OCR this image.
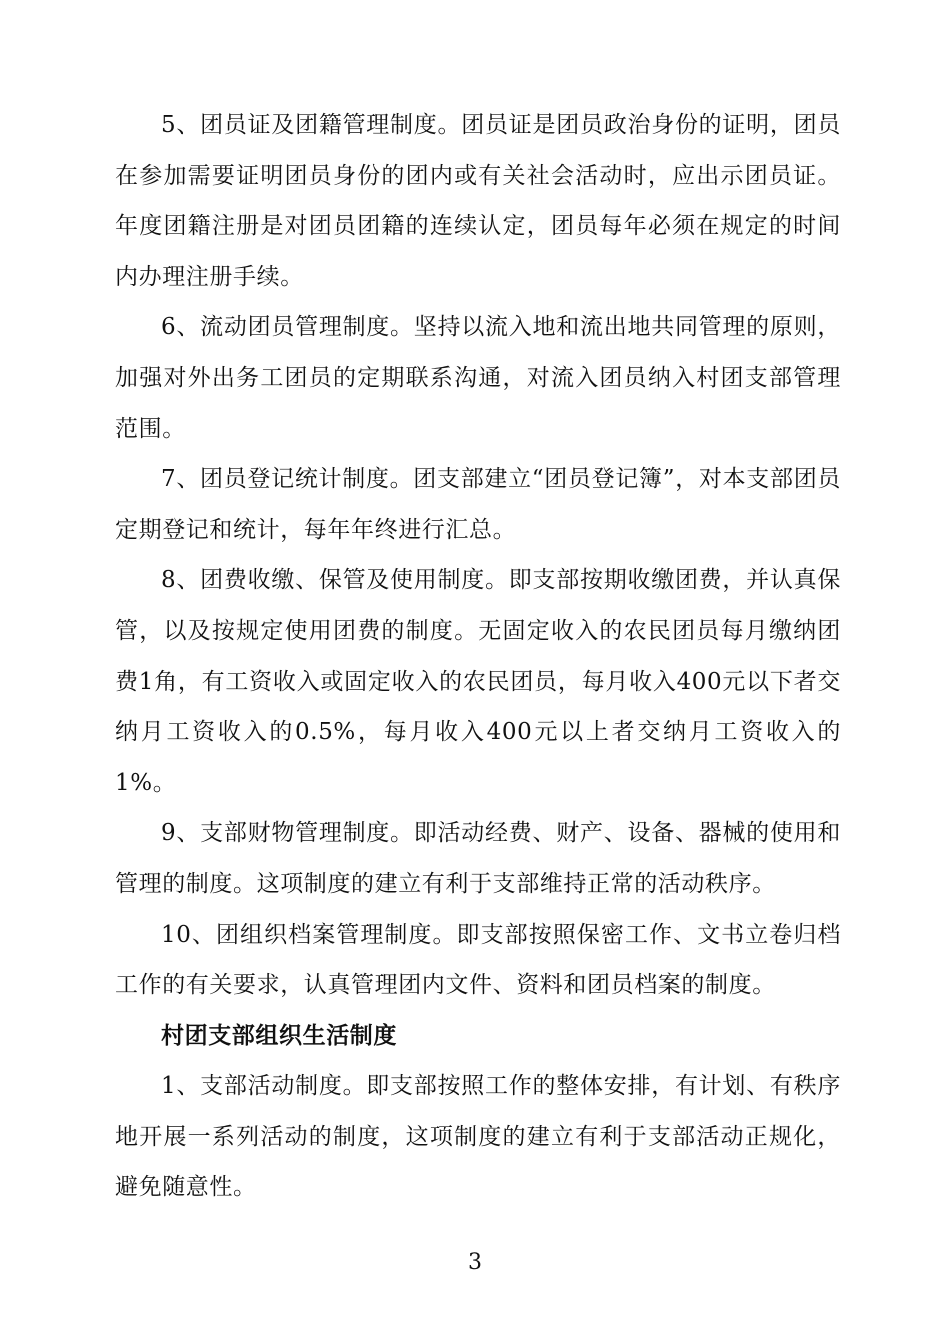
5、团员证及团籍管理制度。团员证是团员政治身份的证明，团员在参加需要证明团员身份的团内或有关社会活动时，应出示团员证。年度团籍注册是对团员团籍的连续认定，团员每年必须在规定的时间内办理注册手续。

6、流动团员管理制度。坚持以流入地和流出地共同管理的原则，加强对外出务工团员的定期联系沟通，对流入团员纳入村团支部管理范围。

7、团员登记统计制度。团支部建立“团员登记簿”，对本支部团员定期登记和统计，每年年终进行汇总。

8、团费收缴、保管及使用制度。即支部按期收缴团费，并认真保管，以及按规定使用团费的制度。无固定收入的农民团员每月缴纳团费1角，有工资收入或固定收入的农民团员，每月收入400元以下者交纳月工资收入的0.5%，每月收入400元以上者交纳月工资收入的1%。

9、支部财物管理制度。即活动经费、财产、设备、器械的使用和管理的制度。这项制度的建立有利于支部维持正常的活动秩序。

10、团组织档案管理制度。即支部按照保密工作、文书立卷归档工作的有关要求，认真管理团内文件、资料和团员档案的制度。

村团支部组织生活制度

1、支部活动制度。即支部按照工作的整体安排，有计划、有秩序地开展一系列活动的制度，这项制度的建立有利于支部活动正规化，避免随意性。

3
